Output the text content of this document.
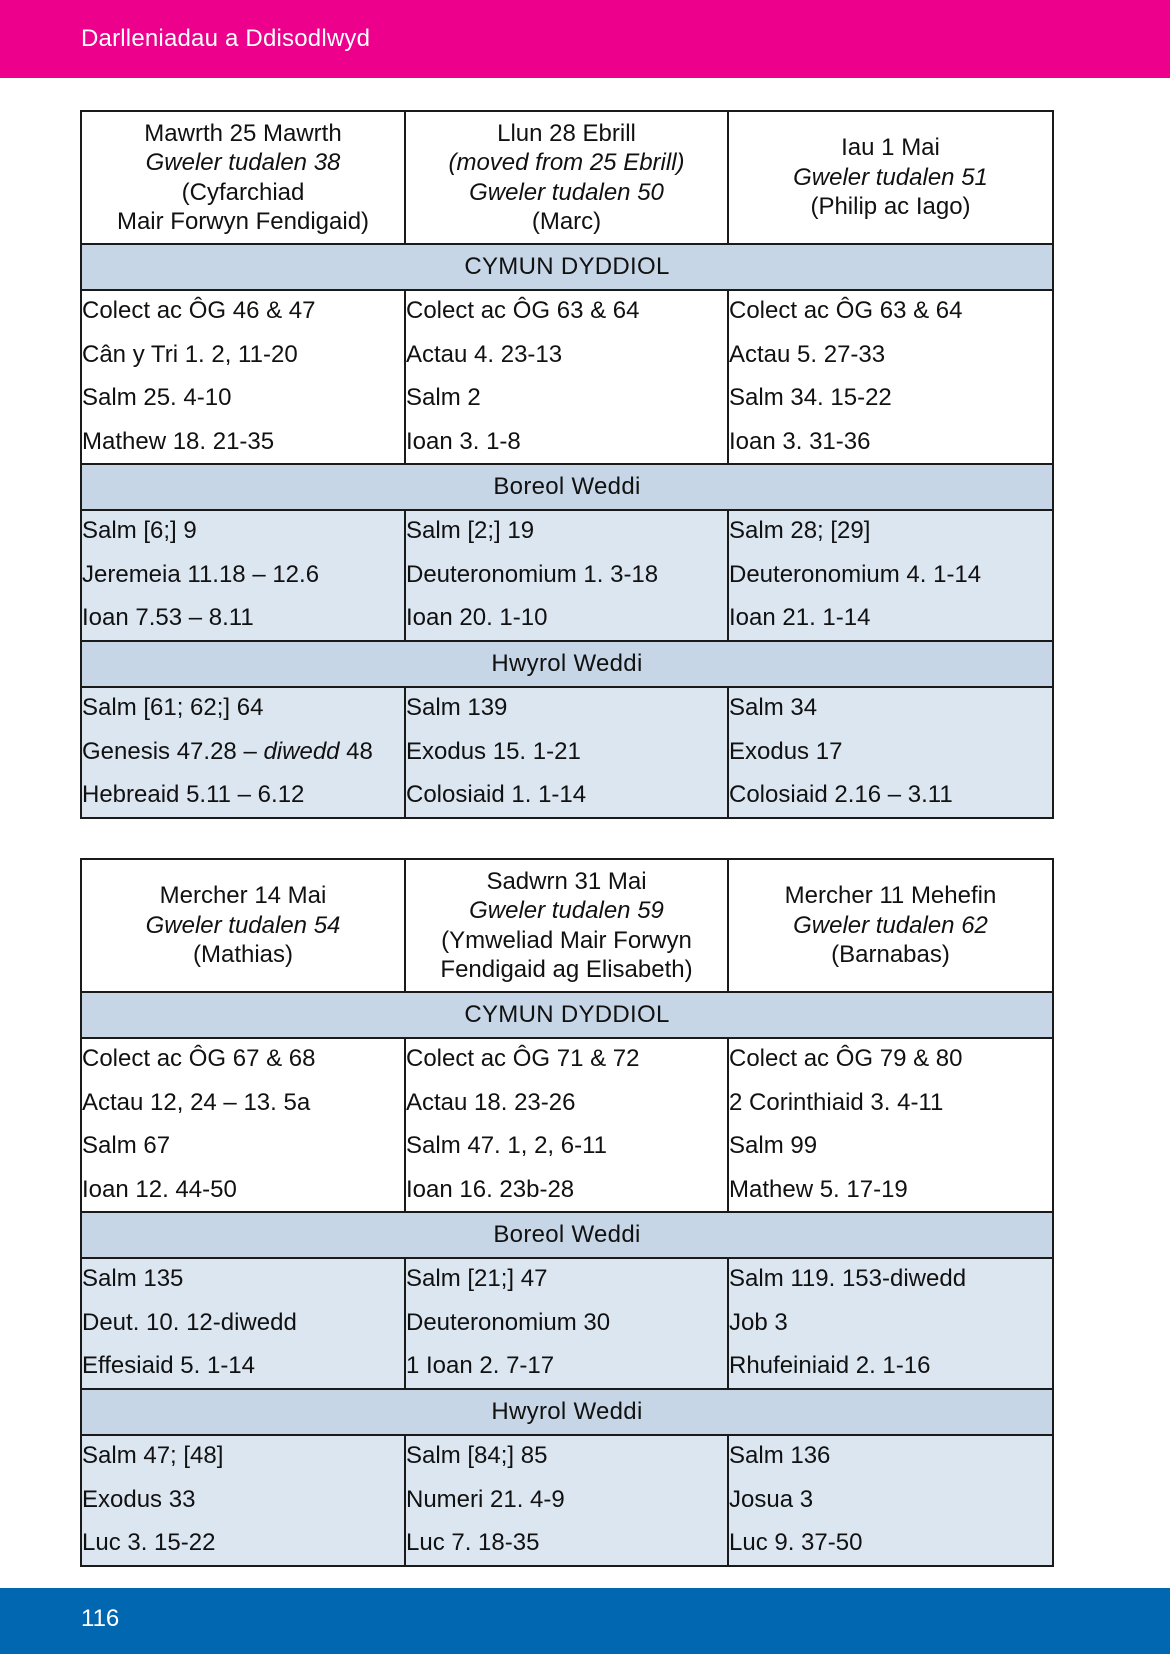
Darlleniadau a Ddisodlwyd
Mawrth 25 Mawrth
Gweler tudalen 38
(Cyfarchiad
Mair Forwyn Fendigaid)	Llun 28 Ebrill
(moved from 25 Ebrill)
Gweler tudalen 50
(Marc)	Iau 1 Mai
Gweler tudalen 51
(Philip ac Iago)

CYMUN DYDDIOL		

Colect ac ÔG 46 & 47
Cân y Tri 1. 2, 11-20
Salm 25. 4-10
Mathew 18. 21-35	Colect ac ÔG 63 & 64
Actau 4. 23-13
Salm 2
Ioan 3. 1-8	Colect ac ÔG 63 & 64
Actau 5. 27-33
Salm 34. 15-22
Ioan 3. 31-36

Boreol Weddi		

Salm [6;] 9
Jeremeia 11.18 – 12.6
Ioan 7.53 – 8.11	Salm [2;] 19
Deuteronomium 1. 3-18
Ioan 20. 1-10	Salm 28; [29]
Deuteronomium 4. 1-14
Ioan 21. 1-14

Hwyrol Weddi		

Salm [61; 62;] 64
Genesis 47.28 – diwedd 48
Hebreaid 5.11 – 6.12	Salm 139
Exodus 15. 1-21
Colosiaid 1. 1-14	Salm 34
Exodus 17
Colosiaid 2.16 – 3.11
Mercher 14 Mai
Gweler tudalen 54
(Mathias)	Sadwrn 31 Mai
Gweler tudalen 59
(Ymweliad Mair Forwyn
Fendigaid ag Elisabeth)	Mercher 11 Mehefin
Gweler tudalen 62
(Barnabas)

CYMUN DYDDIOL		

Colect ac ÔG 67 & 68
Actau 12, 24 – 13. 5a
Salm 67
Ioan 12. 44-50	Colect ac ÔG 71 & 72
Actau 18. 23-26
Salm 47. 1, 2, 6-11
Ioan 16. 23b-28	Colect ac ÔG 79 & 80
2 Corinthiaid 3. 4-11
Salm 99
Mathew 5. 17-19

Boreol Weddi		

Salm 135
Deut. 10. 12-diwedd
Effesiaid 5. 1-14	Salm [21;] 47
Deuteronomium 30
1 Ioan 2. 7-17	Salm 119. 153-diwedd
Job 3
Rhufeiniaid 2. 1-16

Hwyrol Weddi		

Salm 47; [48]
Exodus 33
Luc 3. 15-22	Salm [84;] 85
Numeri 21. 4-9
Luc 7. 18-35	Salm 136
Josua 3
Luc 9. 37-50
116
